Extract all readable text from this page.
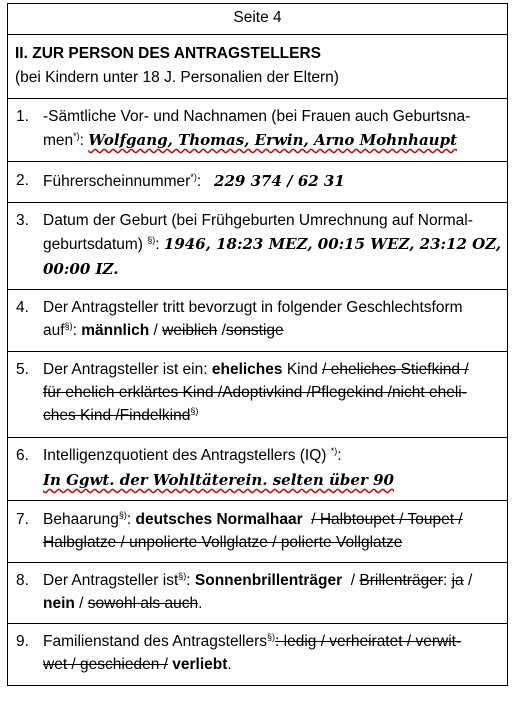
Seite 4
II. ZUR PERSON DES ANTRAGSTELLERS
(bei Kindern unter 18 J. Personalien der Eltern)
1. -Sämtliche Vor- und Nachnamen (bei Frauen auch Geburtsna-
men*): Wolfgang, Thomas, Erwin, Arno Mohnhaupt
2. Führerscheinnummer*): 229 374 / 62 31
3. Datum der Geburt (bei Frühgeburten Umrechnung auf Normal-
geburtsdatum) §): 1946, 18:23 MEZ, 00:15 WEZ, 23:12 OZ,
00:00 IZ.
4. Der Antragsteller tritt bevorzugt in folgender Geschlechtsform
auf§): männlich / weiblich /sonstige
5. Der Antragsteller ist ein: eheliches Kind / eheliches Stiefkind /
für ehelich erklärtes Kind /Adoptivkind /Pflegekind /nicht eheli-
ches Kind /Findelkind§)
6. Intelligenzquotient des Antragstellers (IQ) *):
In Ggwt. der Wohltäterein. selten über 90
7. Behaarung§): deutsches Normalhaar / Halbtoupet / Toupet /
Halbglatze / unpolierte Vollglatze / polierte Vollglatze
8. Der Antragsteller ist§): Sonnenbrillenträger  / Brillenträger: ja /
nein / sowohl als auch.
9. Familienstand des Antragstellers§): ledig / verheiratet / verwit-
wet / geschieden / verliebt.
